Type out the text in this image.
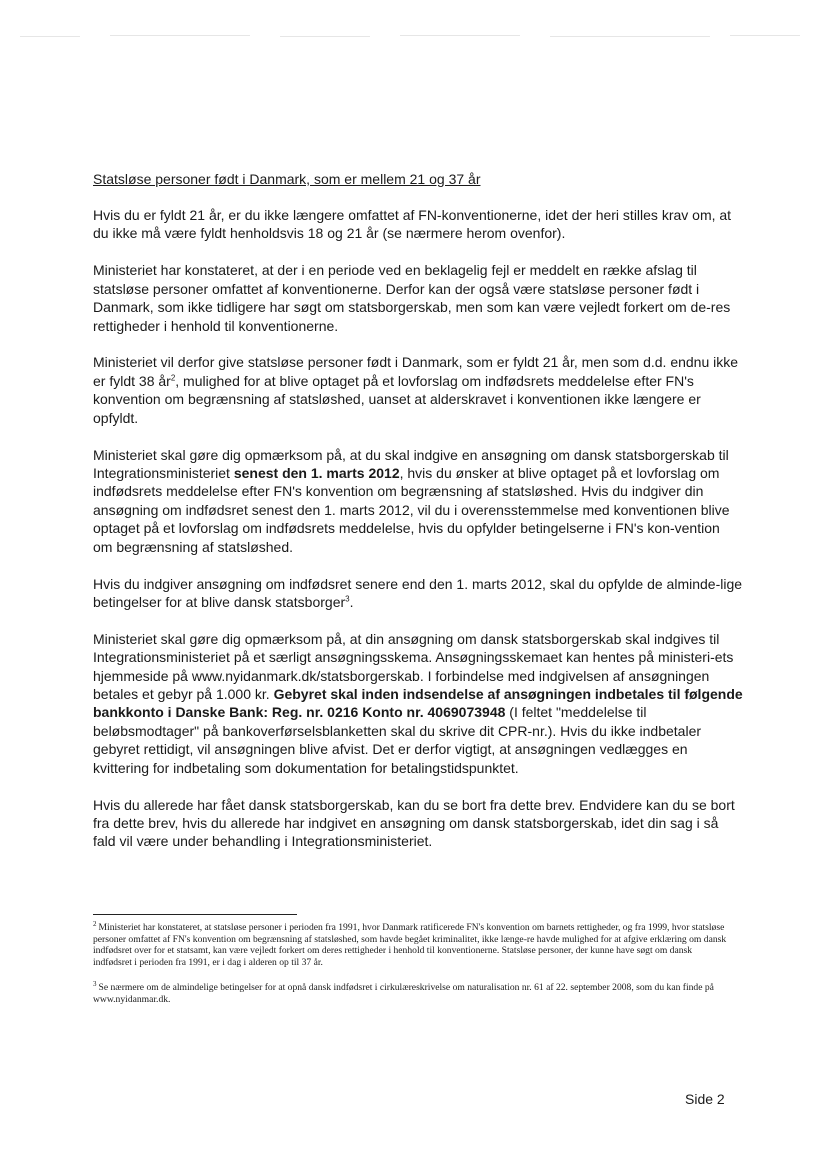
Statsløse personer født i Danmark, som er mellem 21 og 37 år

Hvis du er fyldt 21 år, er du ikke længere omfattet af FN-konventionerne, idet der heri stilles krav om, at du ikke må være fyldt henholdsvis 18 og 21 år (se nærmere herom ovenfor).

Ministeriet har konstateret, at der i en periode ved en beklagelig fejl er meddelt en række afslag til statsløse personer omfattet af konventionerne. Derfor kan der også være statsløse personer født i Danmark, som ikke tidligere har søgt om statsborgerskab, men som kan være vejledt forkert om de-res rettigheder i henhold til konventionerne.

Ministeriet vil derfor give statsløse personer født i Danmark, som er fyldt 21 år, men som d.d. endnu ikke er fyldt 38 $år^2$, mulighed for at blive optaget på et lovforslag om indfødsrets meddelelse efter FN's konvention om begrænsning af statsløshed, uanset at alderskravet i konventionen ikke længere er opfyldt.

Ministeriet skal gøre dig opmærksom på, at du skal indgive en ansøgning om dansk statsborgerskab til Integrationsministeriet senest den 1. marts 2012, hvis du ønsker at blive optaget på et lovforslag om indfødsrets meddelelse efter FN's konvention om begrænsning af statsløshed. Hvis du indgiver din ansøgning om indfødsret senest den 1. marts 2012, vil du i overensstemmelse med konventionen blive optaget på et lovforslag om indfødsrets meddelelse, hvis du opfylder betingelserne i FN's kon-vention om begrænsning af statsløshed.

Hvis du indgiver ansøgning om indfødsret senere end den 1. marts 2012, skal du opfylde de alminde-lige betingelser for at blive dansk statsborger$^3$.

Ministeriet skal gøre dig opmærksom på, at din ansøgning om dansk statsborgerskab skal indgives til Integrationsministeriet på et særligt ansøgningsskema. Ansøgningsskemaet kan hentes på ministeri-ets hjemmeside på www.nyidanmark.dk/statsborgerskab. I forbindelse med indgivelsen af ansøgningen betales et gebyr på 1.000 kr. Gebyret skal inden indsendelse af ansøgningen indbetales til følgende bankkonto i Danske Bank: Reg. nr. 0216 Konto nr. 4069073948 (I feltet "meddelelse til beløbsmodtager" på bankoverførselsblanketten skal du skrive dit CPR-nr.). Hvis du ikke indbetaler gebyret rettidigt, vil ansøgningen blive afvist. Det er derfor vigtigt, at ansøgningen vedlægges en kvittering for indbetaling som dokumentation for betalingstidspunktet.

Hvis du allerede har fået dansk statsborgerskab, kan du se bort fra dette brev. Endvidere kan du se bort fra dette brev, hvis du allerede har indgivet en ansøgning om dansk statsborgerskab, idet din sag i så fald vil være under behandling i Integrationsministeriet.

$^2$ Ministeriet har konstateret, at statsløse personer i perioden fra 1991, hvor Danmark ratificerede FN's konvention om barnets rettigheder, og fra 1999, hvor statsløse personer omfattet af FN's konvention om begrænsning af statsløshed, som havde begået kriminalitet, ikke længe-re havde mulighed for at afgive erklæring om dansk indfødsret over for et statsamt, kan være vejledt forkert om deres rettigheder i henhold til konventionerne. Statsløse personer, der kunne have søgt om dansk indfødsret i perioden fra 1991, er i dag i alderen op til 37 år.

$^3$ Se nærmere om de almindelige betingelser for at opnå dansk indfødsret i cirkulæreskrivelse om naturalisation nr. 61 af 22. september 2008, som du kan finde på www.nyidanmar.dk.

Side 2
